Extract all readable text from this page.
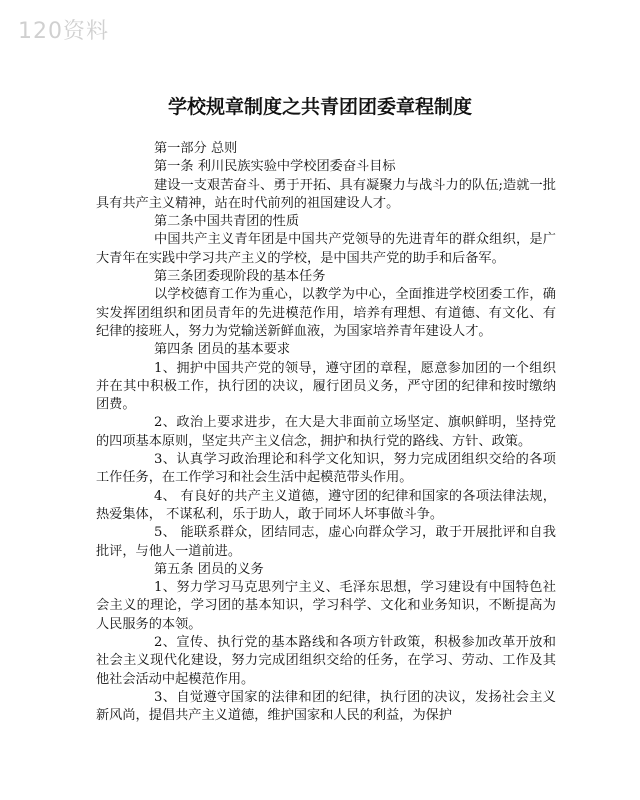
120资料
学校规章制度之共青团团委章程制度

第一部分 总则

第一条 利川民族实验中学校团委奋斗目标

建设一支艰苦奋斗、勇于开拓、具有凝聚力与战斗力的队伍;造就一批具有共产主义精神，站在时代前列的祖国建设人才。

第二条中国共青团的性质

中国共产主义青年团是中国共产党领导的先进青年的群众组织，是广大青年在实践中学习共产主义的学校，是中国共产党的助手和后备军。

第三条团委现阶段的基本任务

以学校德育工作为重心，以教学为中心，全面推进学校团委工作，确实发挥团组织和团员青年的先进模范作用，培养有理想、有道德、有文化、有纪律的接班人，努力为党输送新鲜血液，为国家培养青年建设人才。

第四条 团员的基本要求

1、拥护中国共产党的领导，遵守团的章程，愿意参加团的一个组织并在其中积极工作，执行团的决议，履行团员义务，严守团的纪律和按时缴纳团费。

2、政治上要求进步，在大是大非面前立场坚定、旗帜鲜明，坚持党的四项基本原则，坚定共产主义信念，拥护和执行党的路线、方针、政策。

3、认真学习政治理论和科学文化知识，努力完成团组织交给的各项工作任务，在工作学习和社会生活中起模范带头作用。

4、 有良好的共产主义道德，遵守团的纪律和国家的各项法律法规，热爱集体， 不谋私利，乐于助人，敢于同坏人坏事做斗争。

5、 能联系群众，团结同志，虚心向群众学习，敢于开展批评和自我批评，与他人一道前进。

第五条 团员的义务

1、努力学习马克思列宁主义、毛泽东思想，学习建设有中国特色社会主义的理论，学习团的基本知识，学习科学、文化和业务知识，不断提高为人民服务的本领。

2、宣传、执行党的基本路线和各项方针政策，积极参加改革开放和社会主义现代化建设，努力完成团组织交给的任务，在学习、劳动、工作及其他社会活动中起模范作用。

3、自觉遵守国家的法律和团的纪律，执行团的决议，发扬社会主义新风尚，提倡共产主义道德，维护国家和人民的利益，为保护
